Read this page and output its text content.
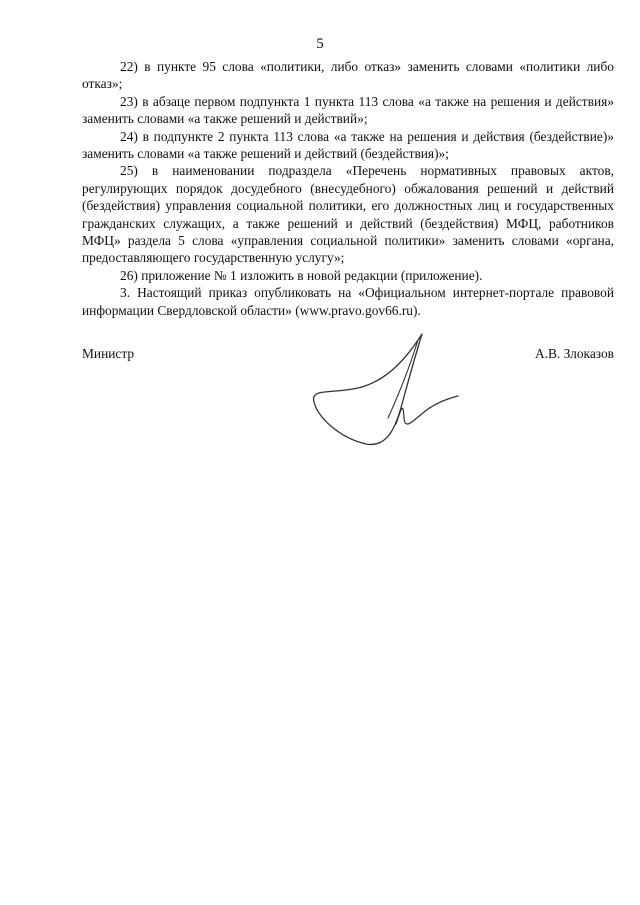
5

22) в пункте 95 слова «политики, либо отказ» заменить словами «политики либо отказ»;

23) в абзаце первом подпункта 1 пункта 113 слова «а также на решения и действия» заменить словами «а также решений и действий»;

24) в подпункте 2 пункта 113 слова «а также на решения и действия (бездействие)» заменить словами «а также решений и действий (бездействия)»;

25) в наименовании подраздела «Перечень нормативных правовых актов, регулирующих порядок досудебного (внесудебного) обжалования решений и действий (бездействия) управления социальной политики, его должностных лиц и государственных гражданских служащих, а также решений и действий (бездействия) МФЦ, работников МФЦ» раздела 5 слова «управления социальной политики» заменить словами «органа, предоставляющего государственную услугу»;

26) приложение № 1 изложить в новой редакции (приложение).

3. Настоящий приказ опубликовать на «Официальном интернет-портале правовой информации Свердловской области» (www.pravo.gov66.ru).

Министр	А.В. Злоказов
